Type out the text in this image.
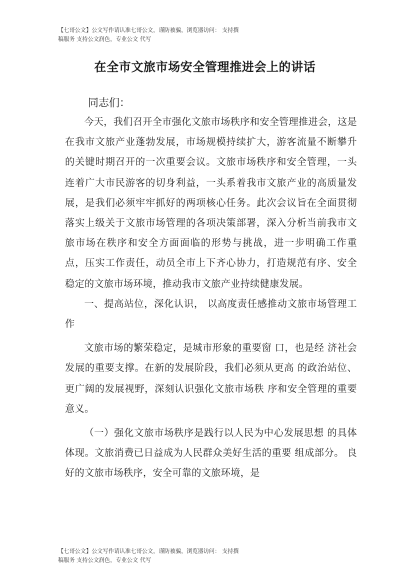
【七哥公文】公文写作请认准七哥公文，谨防被骗，浏览器访问： 支持撰
稿服务 支持公文润色，专业公文 代写
在全市文旅市场安全管理推进会上的讲话
同志们：

今天，我们召开全市强化文旅市场秩序和安全管理推进会，这是在我市文旅产业蓬勃发展，市场规模持续扩大，游客流量不断攀升的关键时期召开的一次重要会议。文旅市场秩序和安全管理，一头连着广大市民游客的切身利益，一头系着我市文旅产业的高质量发展，是我们必须牢牢抓好的两项核心任务。此次会议旨在全面贯彻落实上级关于文旅市场管理的各项决策部署，深入分析当前我市文旅市场在秩序和安全方面面临的形势与挑战，进一步明确工作重点，压实工作责任，动员全市上下齐心协力，打造规范有序、安全稳定的文旅市场环境，推动我市文旅产业持续健康发展。

一、提高站位，深化认识， 以高度责任感推动文旅市场管理工作

文旅市场的繁荣稳定，是城市形象的重要窗 口，也是经 济社会发展的重要支撑。在新的发展阶段，我们必须从更高 的政治站位、更广阔的发展视野，深刻认识强化文旅市场秩 序和安全管理的重要意义。

（一）强化文旅市场秩序是践行以人民为中心发展思想 的具体体现。文旅消费已日益成为人民群众美好生活的重要 组成部分。 良好的文旅市场秩序，安全可靠的文旅环境，是

【七哥公文】公文写作请认准七哥公文，谨防被骗，浏览器访问： 支持撰
稿服务 支持公文润色，专业公文 代写
